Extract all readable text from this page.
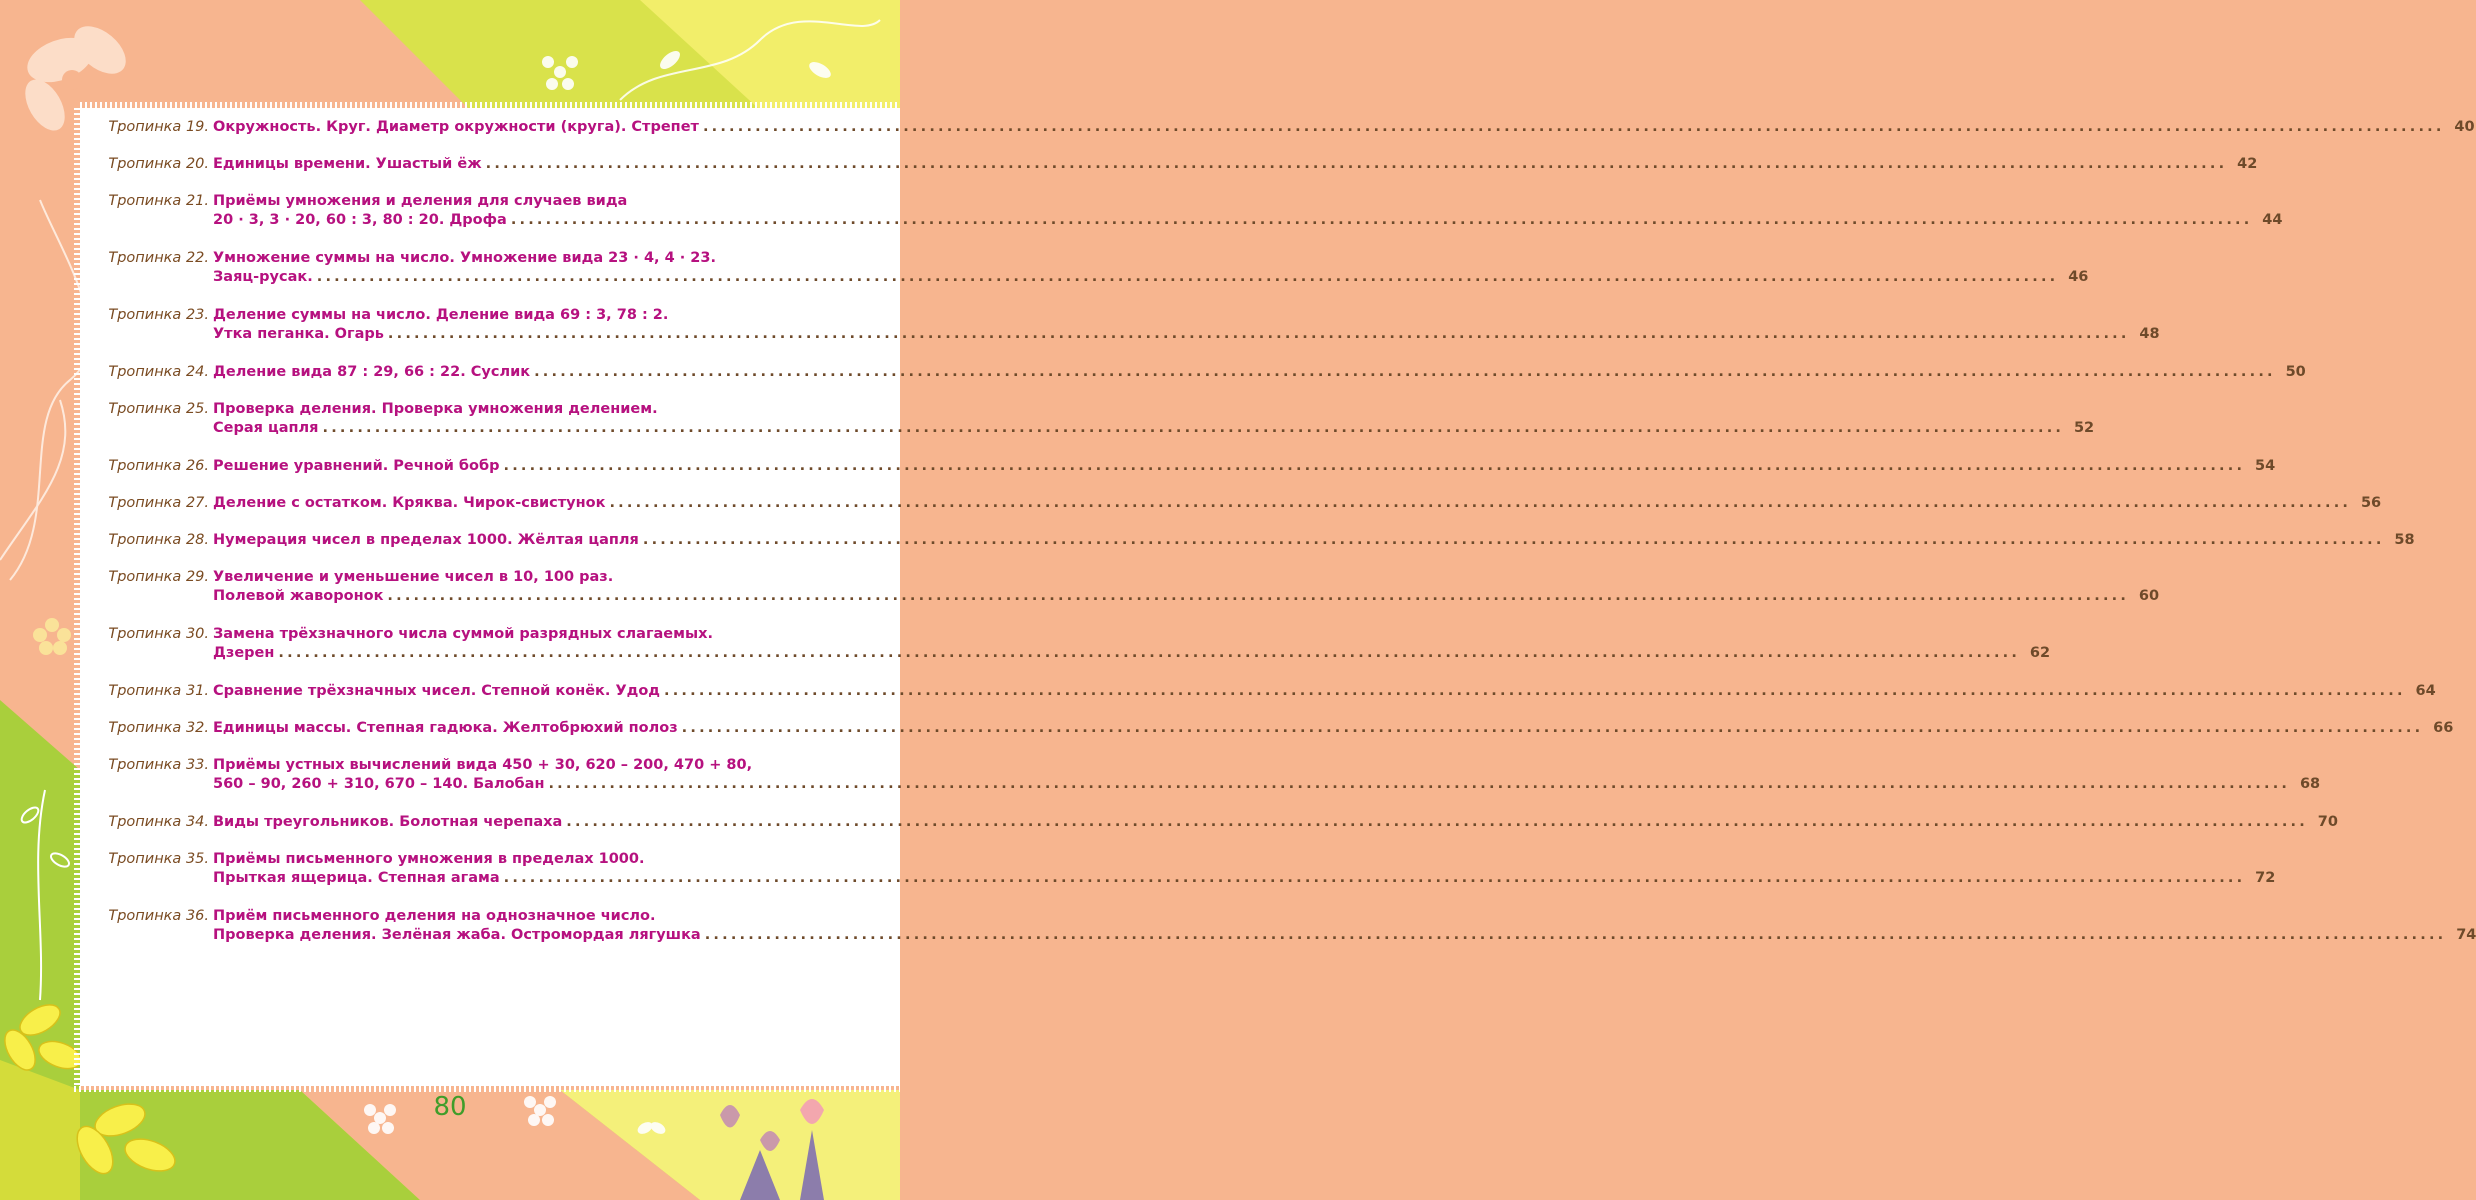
Тропинка 19. Окружность. Круг. Диаметр окружности (круга). Стрепет ........................................................................................................................................................................................................ 40
Тропинка 20. Единицы времени. Ушастый ёж ........................................................................................................................................................................................................ 42
Тропинка 21. Приёмы умножения и деления для случаев вида
20 · 3, 3 · 20, 60 : 3, 80 : 20. Дрофа ........................................................................................................................................................................................................ 44
Тропинка 22. Умножение суммы на число. Умножение вида 23 · 4, 4 · 23.
Заяц-русак. ........................................................................................................................................................................................................ 46
Тропинка 23. Деление суммы на число. Деление вида 69 : 3, 78 : 2.
Утка пеганка. Огарь ........................................................................................................................................................................................................ 48
Тропинка 24. Деление вида 87 : 29, 66 : 22. Суслик ........................................................................................................................................................................................................ 50
Тропинка 25. Проверка деления. Проверка умножения делением.
Серая цапля ........................................................................................................................................................................................................ 52
Тропинка 26. Решение уравнений. Речной бобр ........................................................................................................................................................................................................ 54
Тропинка 27. Деление с остатком. Кряква. Чирок-свистунок ........................................................................................................................................................................................................ 56
Тропинка 28. Нумерация чисел в пределах 1000. Жёлтая цапля ........................................................................................................................................................................................................ 58
Тропинка 29. Увеличение и уменьшение чисел в 10, 100 раз.
Полевой жаворонок ........................................................................................................................................................................................................ 60
Тропинка 30. Замена трёхзначного числа суммой разрядных слагаемых.
Дзерен ........................................................................................................................................................................................................ 62
Тропинка 31. Сравнение трёхзначных чисел. Степной конёк. Удод ........................................................................................................................................................................................................ 64
Тропинка 32. Единицы массы. Степная гадюка. Желтобрюхий полоз ........................................................................................................................................................................................................ 66
Тропинка 33. Приёмы устных вычислений вида 450 + 30, 620 – 200, 470 + 80,
560 – 90, 260 + 310, 670 – 140. Балобан ........................................................................................................................................................................................................ 68
Тропинка 34. Виды треугольников. Болотная черепаха ........................................................................................................................................................................................................ 70
Тропинка 35. Приёмы письменного умножения в пределах 1000.
Прыткая ящерица. Степная агама ........................................................................................................................................................................................................ 72
Тропинка 36. Приём письменного деления на однозначное число.
Проверка деления. Зелёная жаба. Остромордая лягушка ........................................................................................................................................................................................................ 74
80
